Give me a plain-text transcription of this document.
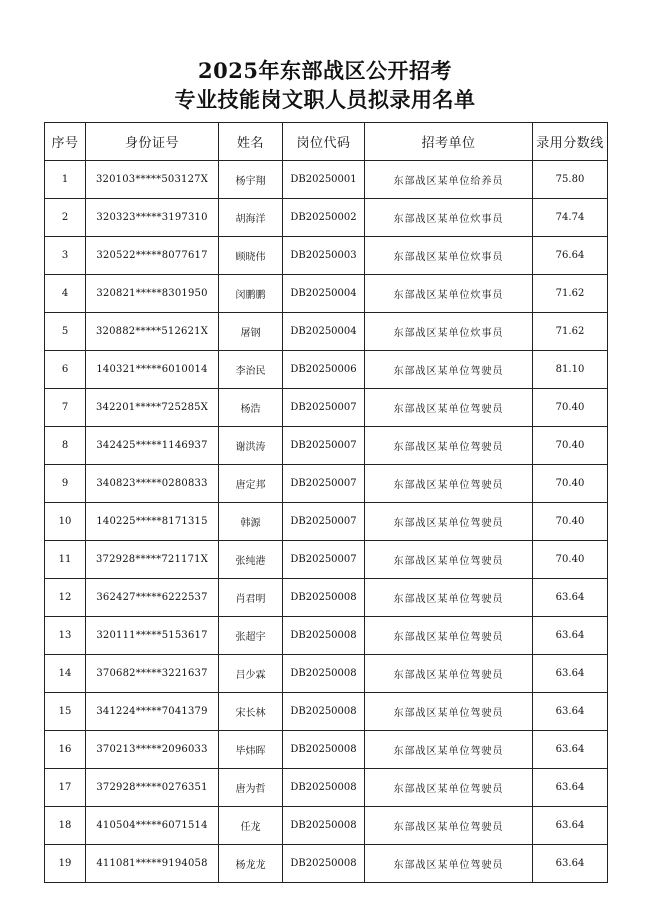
2025年东部战区公开招考
专业技能岗文职人员拟录用名单
序号	身份证号	姓名	岗位代码	招考单位	录用分数线
1	320103*****503127X	杨宇翔	DB20250001	东部战区某单位给养员	75.80
2	320323*****3197310	胡海洋	DB20250002	东部战区某单位炊事员	74.74
3	320522*****8077617	顾晓伟	DB20250003	东部战区某单位炊事员	76.64
4	320821*****8301950	闵鹏鹏	DB20250004	东部战区某单位炊事员	71.62
5	320882*****512621X	屠钢	DB20250004	东部战区某单位炊事员	71.62
6	140321*****6010014	李治民	DB20250006	东部战区某单位驾驶员	81.10
7	342201*****725285X	杨浩	DB20250007	东部战区某单位驾驶员	70.40
8	342425*****1146937	谢洪涛	DB20250007	东部战区某单位驾驶员	70.40
9	340823*****0280833	唐定邦	DB20250007	东部战区某单位驾驶员	70.40
10	140225*****8171315	韩源	DB20250007	东部战区某单位驾驶员	70.40
11	372928*****721171X	张纯港	DB20250007	东部战区某单位驾驶员	70.40
12	362427*****6222537	肖君明	DB20250008	东部战区某单位驾驶员	63.64
13	320111*****5153617	张超宇	DB20250008	东部战区某单位驾驶员	63.64
14	370682*****3221637	吕少霖	DB20250008	东部战区某单位驾驶员	63.64
15	341224*****7041379	宋长林	DB20250008	东部战区某单位驾驶员	63.64
16	370213*****2096033	毕炜晖	DB20250008	东部战区某单位驾驶员	63.64
17	372928*****0276351	唐为哲	DB20250008	东部战区某单位驾驶员	63.64
18	410504*****6071514	任龙	DB20250008	东部战区某单位驾驶员	63.64
19	411081*****9194058	杨龙龙	DB20250008	东部战区某单位驾驶员	63.64
